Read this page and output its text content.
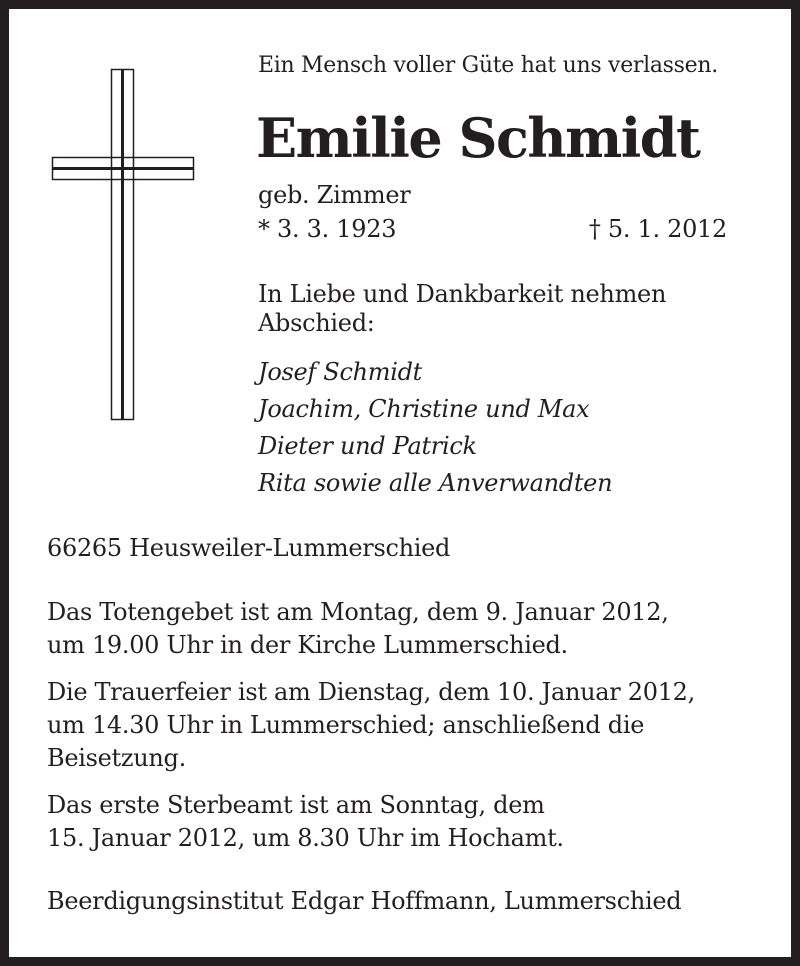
Ein Mensch voller Güte hat uns verlassen.
Emilie Schmidt
geb. Zimmer
* 3. 3. 1923	† 5. 1. 2012
In Liebe und Dankbarkeit nehmen
Abschied:
Josef Schmidt
Joachim, Christine und Max
Dieter und Patrick
Rita sowie alle Anverwandten
66265 Heusweiler-Lummerschied
Das Totengebet ist am Montag, dem 9. Januar 2012,
um 19.00 Uhr in der Kirche Lummerschied.
Die Trauerfeier ist am Dienstag, dem 10. Januar 2012,
um 14.30 Uhr in Lummerschied; anschließend die
Beisetzung.
Das erste Sterbeamt ist am Sonntag, dem
15. Januar 2012, um 8.30 Uhr im Hochamt.
Beerdigungsinstitut Edgar Hoffmann, Lummerschied
